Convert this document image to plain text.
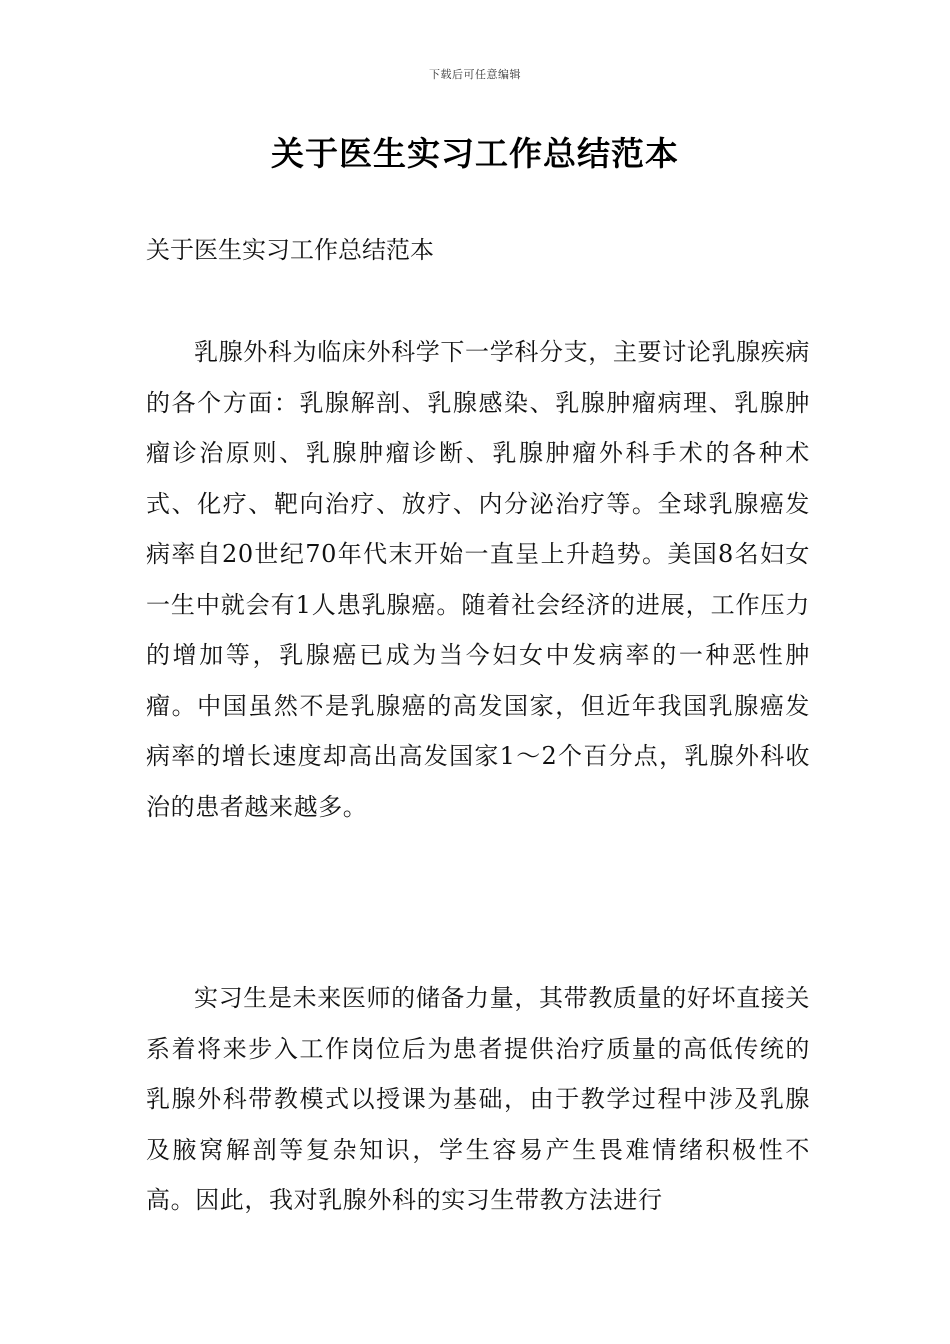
下载后可任意编辑
关于医生实习工作总结范本

关于医生实习工作总结范本

乳腺外科为临床外科学下一学科分支，主要讨论乳腺疾病的各个方面：乳腺解剖、乳腺感染、乳腺肿瘤病理、乳腺肿瘤诊治原则、乳腺肿瘤诊断、乳腺肿瘤外科手术的各种术式、化疗、靶向治疗、放疗、内分泌治疗等。全球乳腺癌发病率自20世纪70年代末开始一直呈上升趋势。美国8名妇女一生中就会有1人患乳腺癌。随着社会经济的进展，工作压力的增加等，乳腺癌已成为当今妇女中发病率的一种恶性肿瘤。中国虽然不是乳腺癌的高发国家，但近年我国乳腺癌发病率的增长速度却高出高发国家1～2个百分点，乳腺外科收治的患者越来越多。

实习生是未来医师的储备力量，其带教质量的好坏直接关系着将来步入工作岗位后为患者提供治疗质量的高低传统的乳腺外科带教模式以授课为基础，由于教学过程中涉及乳腺及腋窝解剖等复杂知识，学生容易产生畏难情绪积极性不高。因此，我对乳腺外科的实习生带教方法进行
